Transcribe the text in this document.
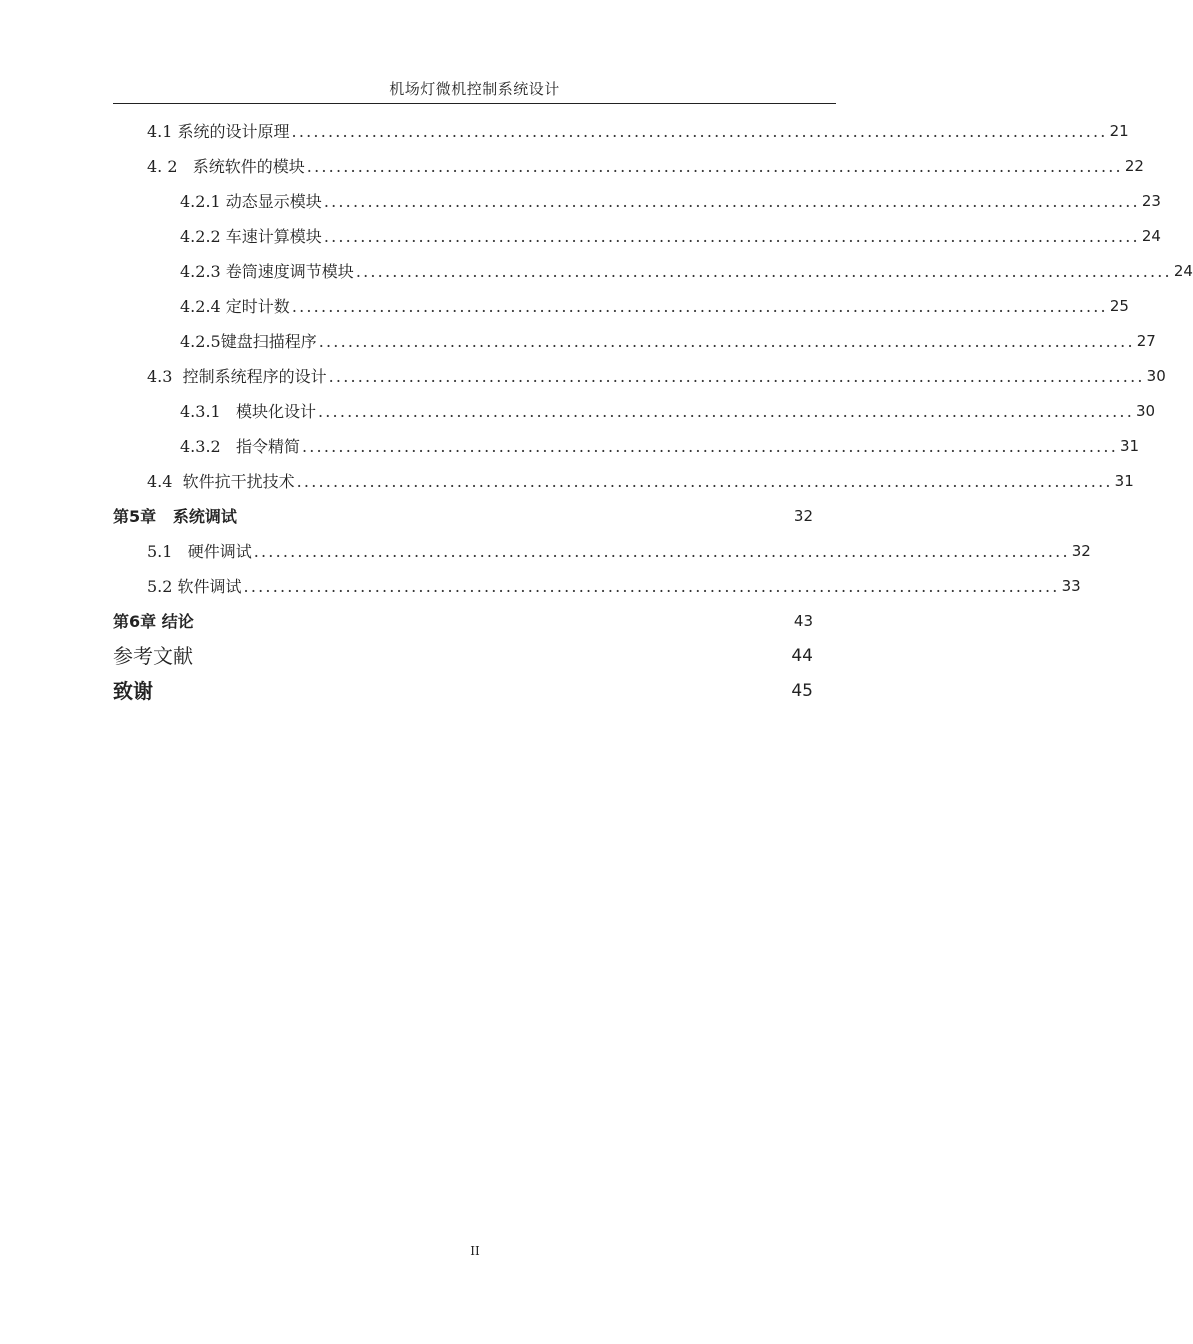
机场灯微机控制系统设计
4.1 系统的设计原理 ................................................................................................................ 21
4. 2   系统软件的模块 ................................................................................................................ 22
4.2.1 动态显示模块 ................................................................................................................ 23
4.2.2 车速计算模块 ................................................................................................................ 24
4.2.3 卷筒速度调节模块 ................................................................................................................ 24
4.2.4 定时计数 ................................................................................................................ 25
4.2.5键盘扫描程序 ................................................................................................................ 27
4.3  控制系统程序的设计 ................................................................................................................ 30
4.3.1   模块化设计 ................................................................................................................ 30
4.3.2   指令精简 ................................................................................................................ 31
4.4  软件抗干扰技术 ................................................................................................................ 31
第5章   系统调试	32
5.1   硬件调试 ................................................................................................................ 32
5.2 软件调试 ................................................................................................................ 33
第6章 结论	43
参考文献	44
致谢	45
II
